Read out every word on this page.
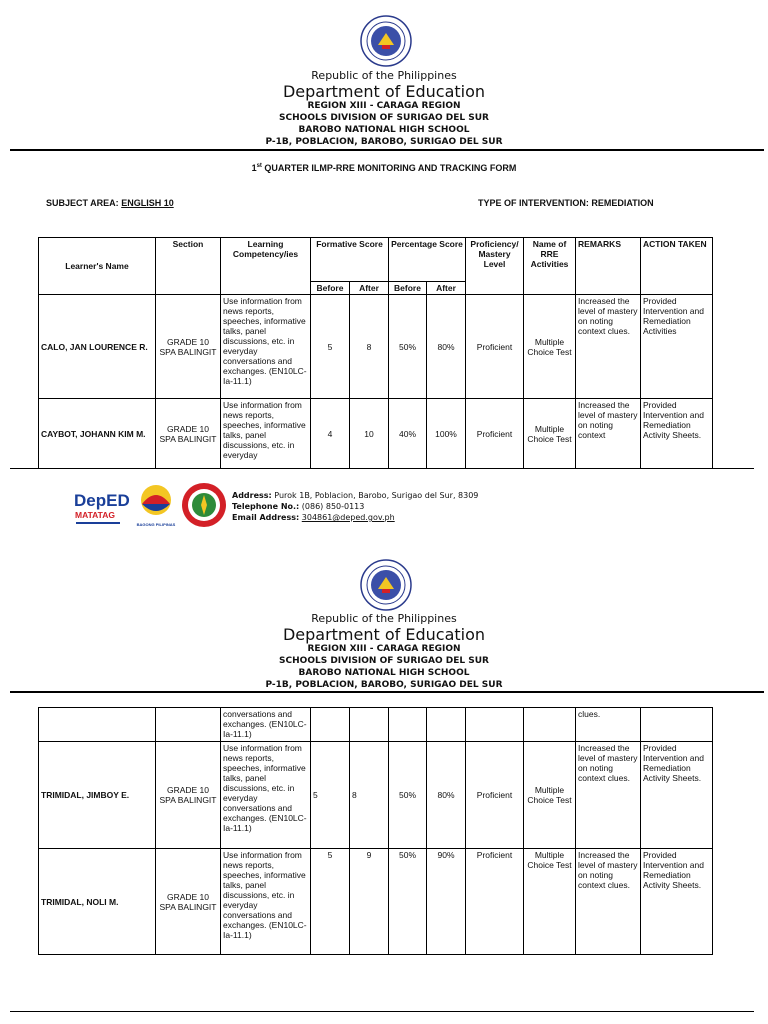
Republic of the Philippines
Department of Education
REGION XIII - CARAGA REGION
SCHOOLS DIVISION OF SURIGAO DEL SUR
BAROBO NATIONAL HIGH SCHOOL
P-1B, POBLACION, BAROBO, SURIGAO DEL SUR
1st QUARTER ILMP-RRE MONITORING AND TRACKING FORM
SUBJECT AREA: ENGLISH 10	TYPE OF INTERVENTION: REMEDIATION
Learner's Name	Section	Learning Competency/ies	Formative Score		Percentage Score		Proficiency/ Mastery Level	Name of RRE Activities	REMARKS	ACTION TAKEN
			Before	After	Before	After				
CALO, JAN LOURENCE R.	GRADE 10 SPA BALINGIT	Use information from news reports, speeches, informative talks, panel discussions, etc. in everyday conversations and exchanges. (EN10LC-Ia-11.1)	5	8	50%	80%	Proficient	Multiple Choice Test	Increased the level of mastery on noting context clues.	Provided Intervention and Remediation Activities
CAYBOT, JOHANN KIM M.	GRADE 10 SPA BALINGIT	Use information from news reports, speeches, informative talks, panel discussions, etc. in everyday	4	10	40%	100%	Proficient	Multiple Choice Test	Increased the level of mastery on noting context	Provided Intervention and Remediation Activity Sheets.
DepED
MATATAG
BAGONG PILIPINAS
Address: Purok 1B, Poblacion, Barobo, Surigao del Sur, 8309
Telephone No.: (086) 850-0113
Email Address: 304861@deped.gov.ph
Republic of the Philippines
Department of Education
REGION XIII - CARAGA REGION
SCHOOLS DIVISION OF SURIGAO DEL SUR
BAROBO NATIONAL HIGH SCHOOL
P-1B, POBLACION, BAROBO, SURIGAO DEL SUR
		conversations and exchanges. (EN10LC-Ia-11.1)							clues.	
TRIMIDAL, JIMBOY E.	GRADE 10 SPA BALINGIT	Use information from news reports, speeches, informative talks, panel discussions, etc. in everyday conversations and exchanges. (EN10LC-Ia-11.1)	5	8	50%	80%	Proficient	Multiple Choice Test	Increased the level of mastery on noting context clues.	Provided Intervention and Remediation Activity Sheets.
TRIMIDAL, NOLI M.	GRADE 10 SPA BALINGIT	Use information from news reports, speeches, informative talks, panel discussions, etc. in everyday conversations and exchanges. (EN10LC-Ia-11.1)	5	9	50%	90%	Proficient	Multiple Choice Test	Increased the level of mastery on noting context clues.	Provided Intervention and Remediation Activity Sheets.
